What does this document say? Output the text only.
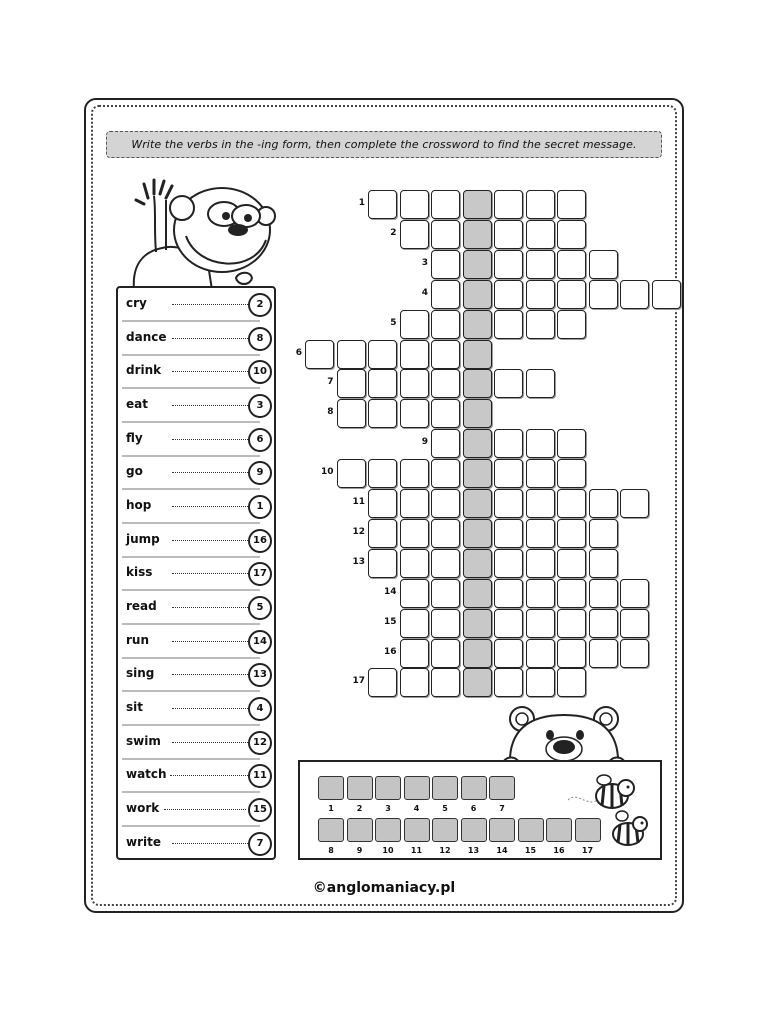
Write the verbs in the -ing form, then complete the crossword to find the secret message.
cry	2
dance	8
drink	10
eat	3
fly	6
go	9
hop	1
jump	16
kiss	17
read	5
run	14
sing	13
sit	4
swim	12
watch	11
work	15
write	7
1
2
3
4
5
6
7
8
9
10
11
12
13
14
15
16
17
1	2	3	4	5	6	7
8	9	10	11	12	13	14	15	16	17
©anglomaniacy.pl
